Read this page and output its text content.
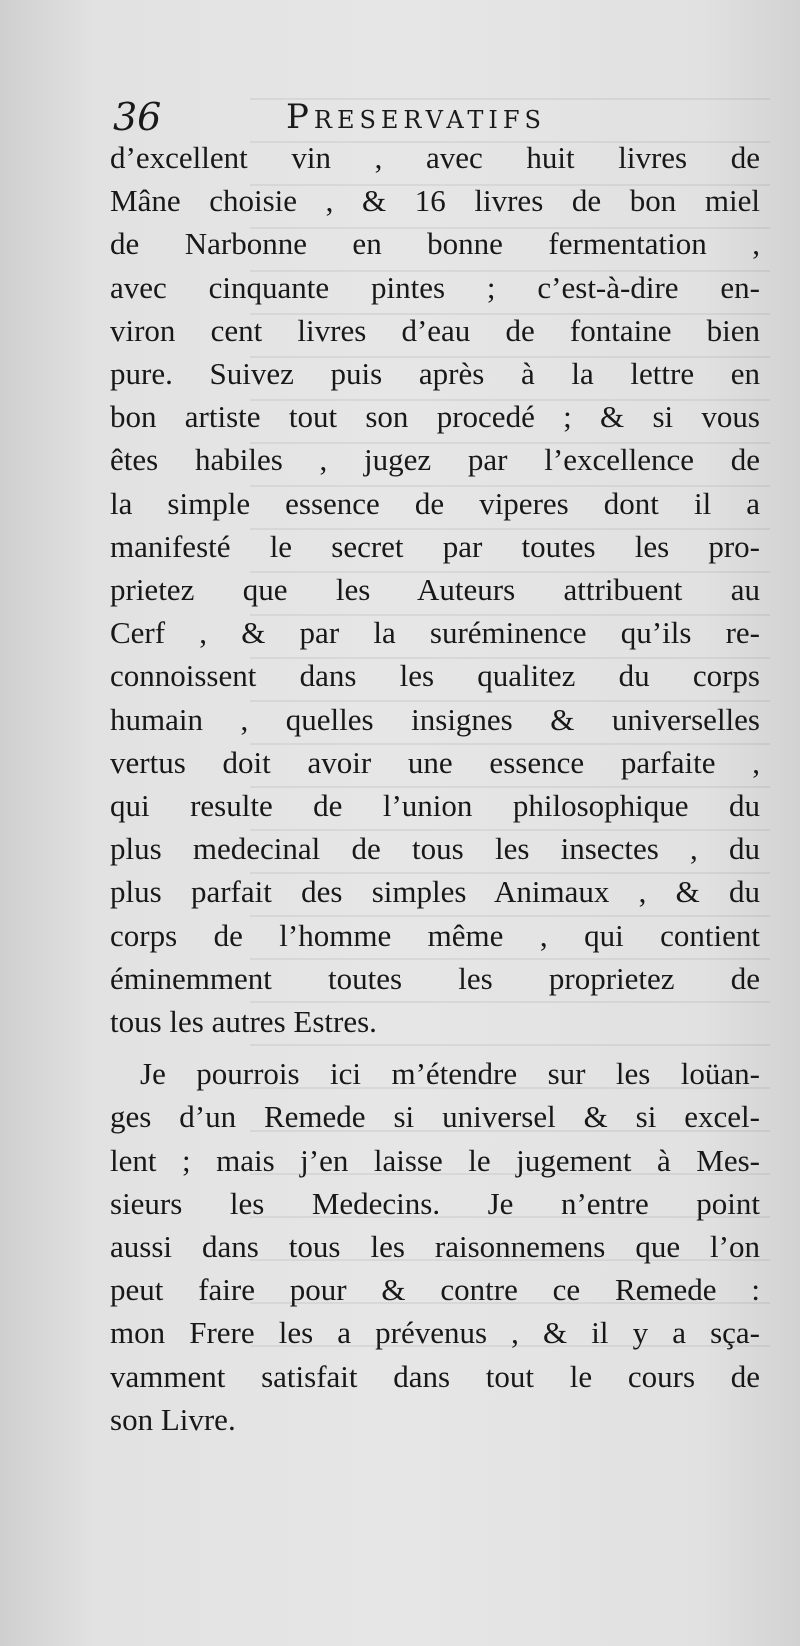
36	Preservatifs
d’excellent vin , avec huit livres de
Mâne choisie , & 16 livres de bon miel
de Narbonne en bonne fermentation ,
avec cinquante pintes ; c’est-à-dire en-
viron cent livres d’eau de fontaine bien
pure. Suivez puis après à la lettre en
bon artiste tout son procedé ; & si vous
êtes habiles , jugez par l’excellence de
la simple essence de viperes dont il a
manifesté le secret par toutes les pro-
prietez que les Auteurs attribuent au
Cerf , & par la suréminence qu’ils re-
connoissent dans les qualitez du corps
humain , quelles insignes & universelles
vertus doit avoir une essence parfaite ,
qui resulte de l’union philosophique du
plus medecinal de tous les insectes , du
plus parfait des simples Animaux , & du
corps de l’homme même , qui contient
éminemment toutes les proprietez de
tous les autres Estres.
Je pourrois ici m’étendre sur les loüan-
ges d’un Remede si universel & si excel-
lent ; mais j’en laisse le jugement à Mes-
sieurs les Medecins. Je n’entre point
aussi dans tous les raisonnemens que l’on
peut faire pour & contre ce Remede :
mon Frere les a prévenus , & il y a sça-
vamment satisfait dans tout le cours de
son Livre.
